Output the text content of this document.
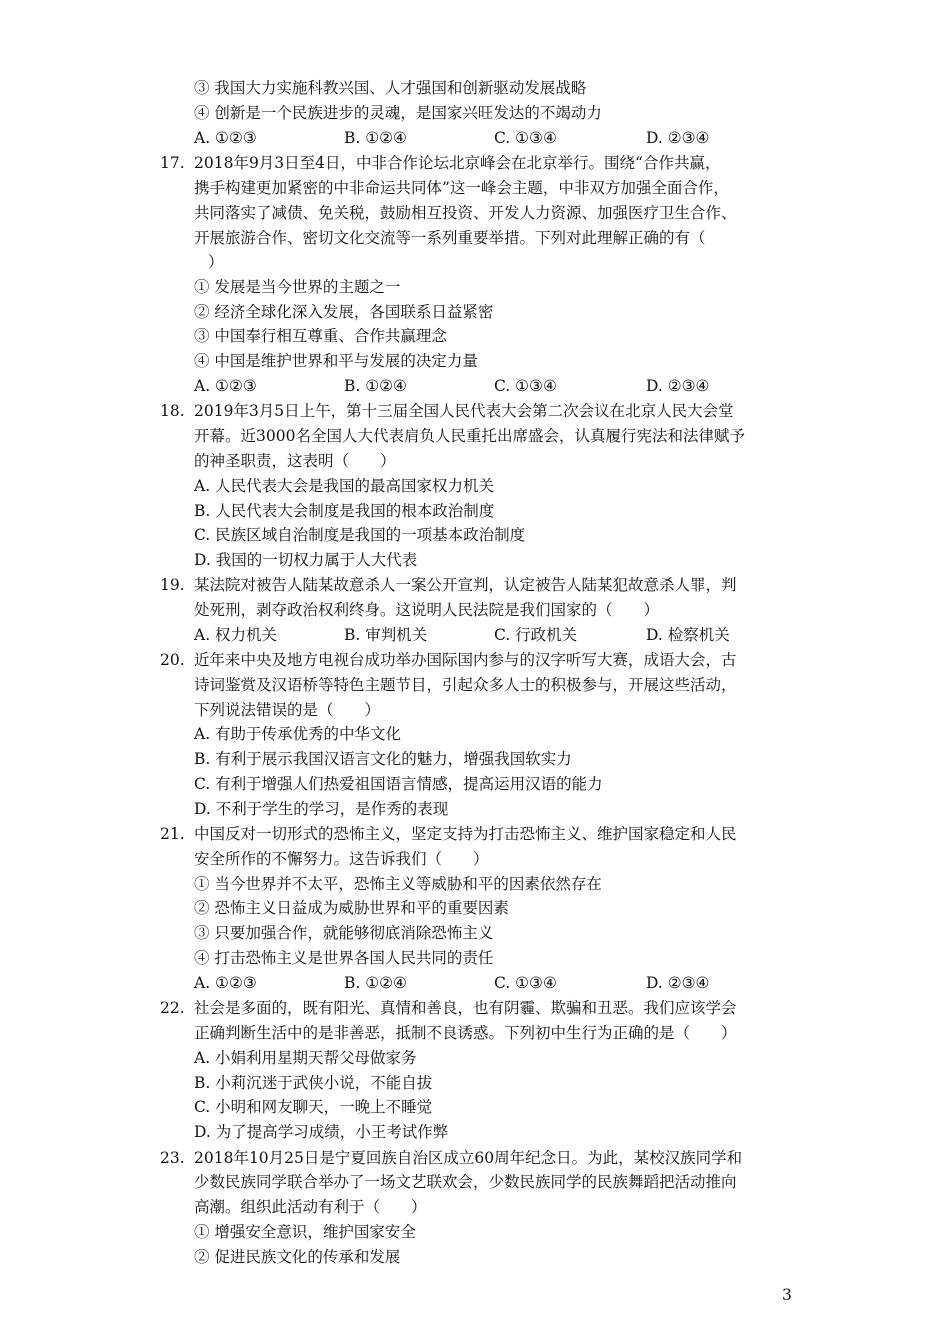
③ 我国大力实施科教兴国、人才强国和创新驱动发展战略
④ 创新是一个民族进步的灵魂，是国家兴旺发达的不竭动力
A. ①②③	B. ①②④	C. ①③④	D. ②③④
17. 2018年9月3日至4日，中非合作论坛北京峰会在北京举行。围绕“合作共赢，
携手构建更加紧密的中非命运共同体”这一峰会主题，中非双方加强全面合作，
共同落实了减债、免关税，鼓励相互投资、开发人力资源、加强医疗卫生合作、
开展旅游合作、密切文化交流等一系列重要举措。下列对此理解正确的有（
）
① 发展是当今世界的主题之一
② 经济全球化深入发展，各国联系日益紧密
③ 中国奉行相互尊重、合作共赢理念
④ 中国是维护世界和平与发展的决定力量
A. ①②③	B. ①②④	C. ①③④	D. ②③④
18. 2019年3月5日上午，第十三届全国人民代表大会第二次会议在北京人民大会堂
开幕。近3000名全国人大代表肩负人民重托出席盛会，认真履行宪法和法律赋予
的神圣职责，这表明（　　）
A. 人民代表大会是我国的最高国家权力机关
B. 人民代表大会制度是我国的根本政治制度
C. 民族区域自治制度是我国的一项基本政治制度
D. 我国的一切权力属于人大代表
19. 某法院对被告人陆某故意杀人一案公开宣判，认定被告人陆某犯故意杀人罪，判
处死刑，剥夺政治权利终身。这说明人民法院是我们国家的（　　）
A. 权力机关	B. 审判机关	C. 行政机关	D. 检察机关
20. 近年来中央及地方电视台成功举办国际国内参与的汉字听写大赛，成语大会，古
诗词鉴赏及汉语桥等特色主题节目，引起众多人士的积极参与，开展这些活动，
下列说法错误的是（　　）
A. 有助于传承优秀的中华文化
B. 有利于展示我国汉语言文化的魅力，增强我国软实力
C. 有利于增强人们热爱祖国语言情感，提高运用汉语的能力
D. 不利于学生的学习，是作秀的表现
21. 中国反对一切形式的恐怖主义，坚定支持为打击恐怖主义、维护国家稳定和人民
安全所作的不懈努力。这告诉我们（　　）
① 当今世界并不太平，恐怖主义等威胁和平的因素依然存在
② 恐怖主义日益成为威胁世界和平的重要因素
③ 只要加强合作，就能够彻底消除恐怖主义
④ 打击恐怖主义是世界各国人民共同的责任
A. ①②③	B. ①②④	C. ①③④	D. ②③④
22. 社会是多面的，既有阳光、真情和善良，也有阴霾、欺骗和丑恶。我们应该学会
正确判断生活中的是非善恶，抵制不良诱惑。下列初中生行为正确的是（　　）
A. 小娟利用星期天帮父母做家务
B. 小莉沉迷于武侠小说，不能自拔
C. 小明和网友聊天，一晚上不睡觉
D. 为了提高学习成绩，小王考试作弊
23. 2018年10月25日是宁夏回族自治区成立60周年纪念日。为此，某校汉族同学和
少数民族同学联合举办了一场文艺联欢会，少数民族同学的民族舞蹈把活动推向
高潮。组织此活动有利于（　　）
① 增强安全意识，维护国家安全
② 促进民族文化的传承和发展
3
